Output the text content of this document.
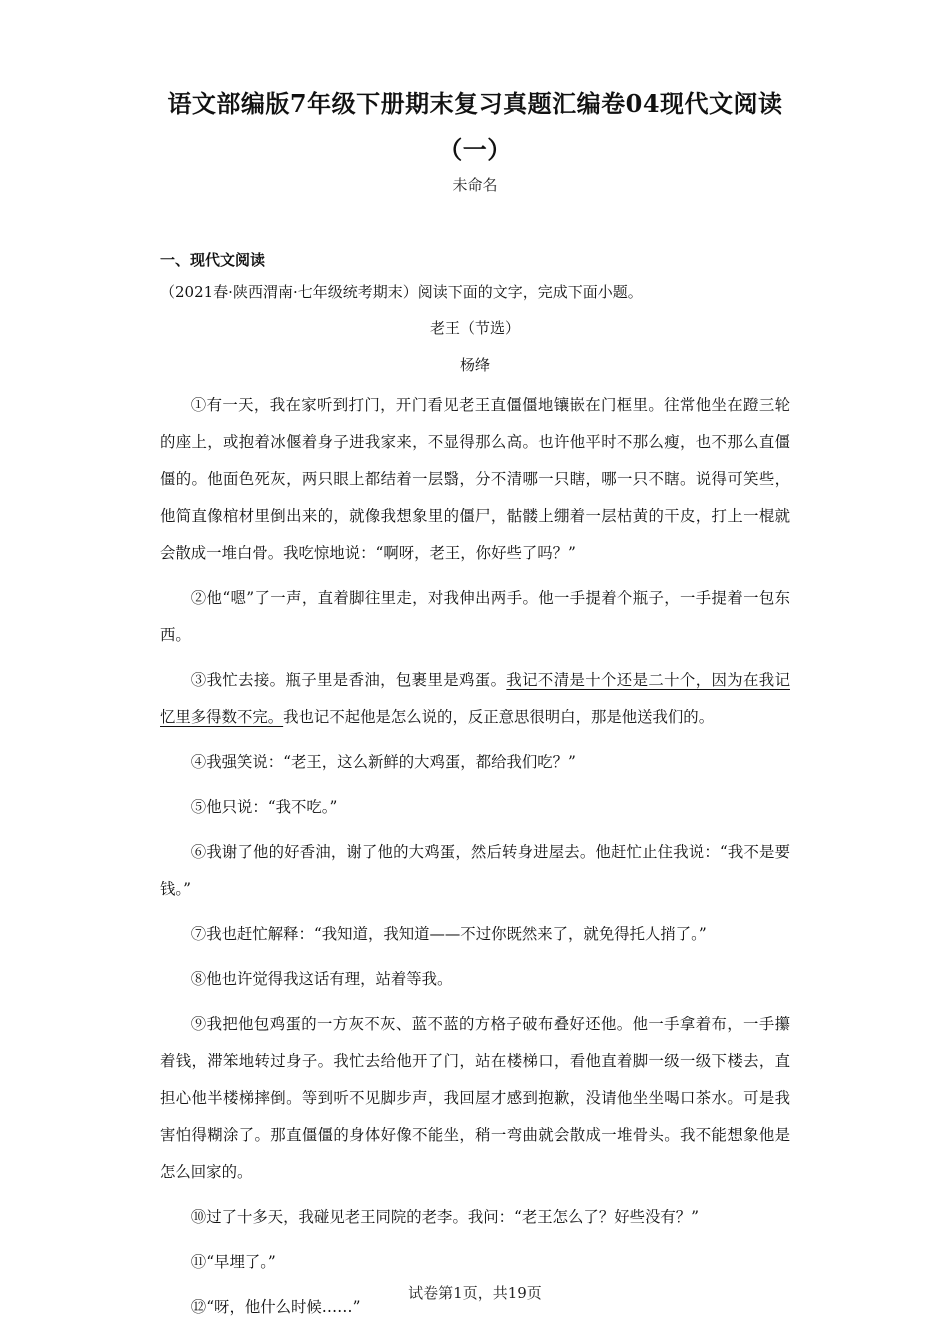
语文部编版7年级下册期末复习真题汇编卷04现代文阅读
（一）
未命名
一、现代文阅读
（2021春·陕西渭南·七年级统考期末）阅读下面的文字，完成下面小题。
老王（节选）
杨绛

①有一天，我在家听到打门，开门看见老王直僵僵地镶嵌在门框里。往常他坐在蹬三轮的座上，或抱着冰偃着身子进我家来，不显得那么高。也许他平时不那么瘦，也不那么直僵僵的。他面色死灰，两只眼上都结着一层翳，分不清哪一只瞎，哪一只不瞎。说得可笑些，他简直像棺材里倒出来的，就像我想象里的僵尸，骷髅上绷着一层枯黄的干皮，打上一棍就会散成一堆白骨。我吃惊地说：“啊呀，老王，你好些了吗？”

②他“嗯”了一声，直着脚往里走，对我伸出两手。他一手提着个瓶子，一手提着一包东西。

③我忙去接。瓶子里是香油，包裹里是鸡蛋。我记不清是十个还是二十个，因为在我记忆里多得数不完。我也记不起他是怎么说的，反正意思很明白，那是他送我们的。

④我强笑说：“老王，这么新鲜的大鸡蛋，都给我们吃？”

⑤他只说：“我不吃。”

⑥我谢了他的好香油，谢了他的大鸡蛋，然后转身进屋去。他赶忙止住我说：“我不是要钱。”

⑦我也赶忙解释：“我知道，我知道——不过你既然来了，就免得托人捎了。”

⑧他也许觉得我这话有理，站着等我。

⑨我把他包鸡蛋的一方灰不灰、蓝不蓝的方格子破布叠好还他。他一手拿着布，一手攥着钱，滞笨地转过身子。我忙去给他开了门，站在楼梯口，看他直着脚一级一级下楼去，直担心他半楼梯摔倒。等到听不见脚步声，我回屋才感到抱歉，没请他坐坐喝口茶水。可是我害怕得糊涂了。那直僵僵的身体好像不能坐，稍一弯曲就会散成一堆骨头。我不能想象他是怎么回家的。

⑩过了十多天，我碰见老王同院的老李。我问：“老王怎么了？好些没有？”

⑪“早埋了。”

⑫“呀，他什么时候……”

试卷第1页，共19页
